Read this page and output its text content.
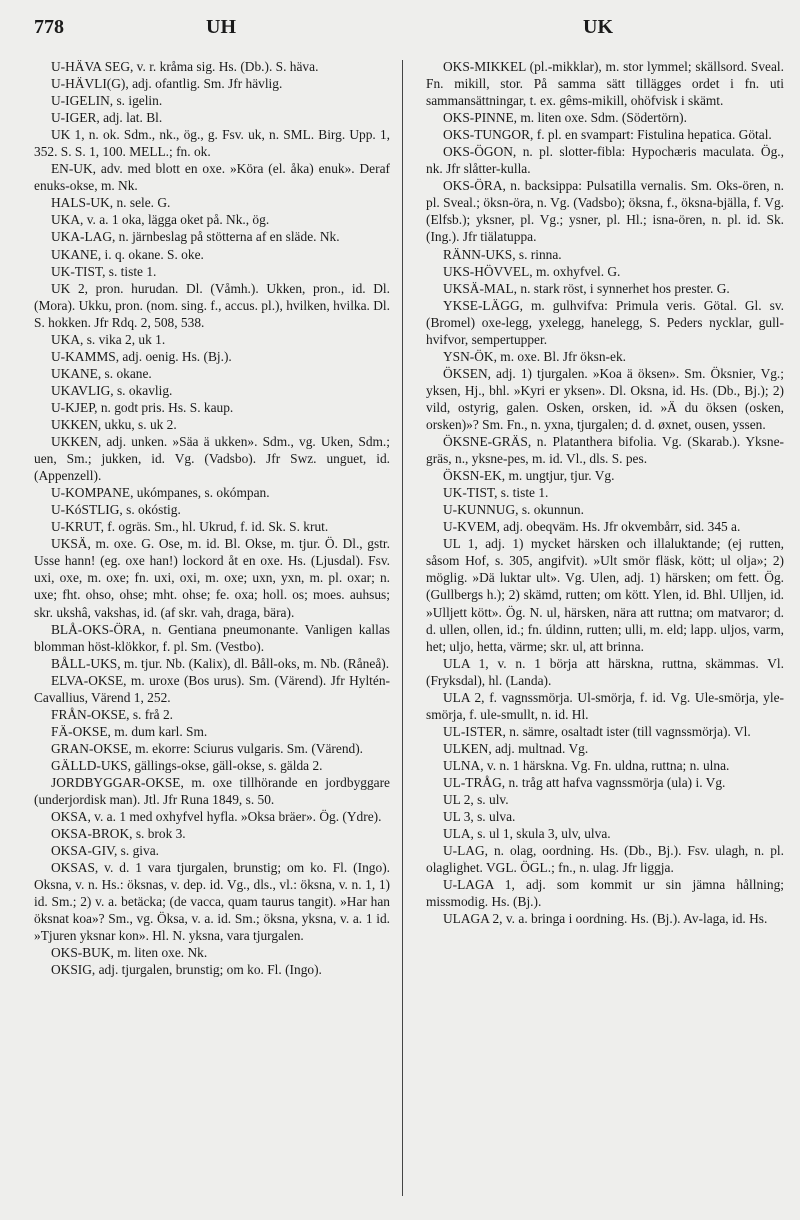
778	UH	UK

U-HÄVA SEG, v. r. kråma sig. Hs. (Db.). S. häva.

U-HÄVLI(G), adj. ofantlig. Sm. Jfr hävlig.

U-IGELIN, s. igelin.

U-IGER, adj. lat. Bl.

UK 1, n. ok. Sdm., nk., ög., g. Fsv. uk, n. SML. Birg. Upp. 1, 352. S. S. 1, 100. MELL.; fn. ok.

EN-UK, adv. med blott en oxe. »Köra (el. åka) enuk». Deraf enuks-okse, m. Nk.

HALS-UK, n. sele. G.

UKA, v. a. 1 oka, lägga oket på. Nk., ög.

UKA-LAG, n. järnbeslag på stötterna af en släde. Nk.

UKANE, i. q. okane. S. oke.

UK-TIST, s. tiste 1.

UK 2, pron. hurudan. Dl. (Våmh.). Ukken, pron., id. Dl. (Mora). Ukku, pron. (nom. sing. f., accus. pl.), hvilken, hvilka. Dl. S. hokken. Jfr Rdq. 2, 508, 538.

UKA, s. vika 2, uk 1.

U-KAMMS, adj. oenig. Hs. (Bj.).

UKANE, s. okane.

UKAVLIG, s. okavlig.

U-KJEP, n. godt pris. Hs. S. kaup.

UKKEN, ukku, s. uk 2.

UKKEN, adj. unken. »Säa ä ukken». Sdm., vg. Uken, Sdm.; uen, Sm.; jukken, id. Vg. (Vadsbo). Jfr Swz. unguet, id. (Appenzell).

U-KOMPANE, ukómpanes, s. okómpan.

U-KóSTLIG, s. okóstig.

U-KRUT, f. ogräs. Sm., hl. Ukrud, f. id. Sk. S. krut.

UKSÄ, m. oxe. G. Ose, m. id. Bl. Okse, m. tjur. Ö. Dl., gstr. Usse hann! (eg. oxe han!) lockord åt en oxe. Hs. (Ljusdal). Fsv. uxi, oxe, m. oxe; fn. uxi, oxi, m. oxe; uxn, yxn, m. pl. oxar; n. uxe; fht. ohso, ohse; mht. ohse; fe. oxa; holl. os; moes. auhsus; skr. ukshâ, vakshas, id. (af skr. vah, draga, bära).

BLÅ-OKS-ÖRA, n. Gentiana pneumonante. Vanligen kallas blomman höst-klökkor, f. pl. Sm. (Vestbo).

BÅLL-UKS, m. tjur. Nb. (Kalix), dl. Båll-oks, m. Nb. (Råneå).

ELVA-OKSE, m. uroxe (Bos urus). Sm. (Värend). Jfr Hyltén-Cavallius, Värend 1, 252.

FRÅN-OKSE, s. frå 2.

FÄ-OKSE, m. dum karl. Sm.

GRAN-OKSE, m. ekorre: Sciurus vulgaris. Sm. (Värend).

GÄLLD-UKS, gällings-okse, gäll-okse, s. gälda 2.

JORDBYGGAR-OKSE, m. oxe tillhörande en jordbyggare (underjordisk man). Jtl. Jfr Runa 1849, s. 50.

OKSA, v. a. 1 med oxhyfvel hyfla. »Oksa bräer». Ög. (Ydre).

OKSA-BROK, s. brok 3.

OKSA-GIV, s. giva.

OKSAS, v. d. 1 vara tjurgalen, brunstig; om ko. Fl. (Ingo). Oksna, v. n. Hs.: öksnas, v. dep. id. Vg., dls., vl.: öksna, v. n. 1, 1) id. Sm.; 2) v. a. betäcka; (de vacca, quam taurus tangit). »Har han öksnat koa»? Sm., vg. Öksa, v. a. id. Sm.; öksna, yksna, v. a. 1 id. »Tjuren yksnar kon». Hl. N. yksna, vara tjurgalen.

OKS-BUK, m. liten oxe. Nk.

OKSIG, adj. tjurgalen, brunstig; om ko. Fl. (Ingo).

OKS-MIKKEL (pl.-mikklar), m. stor lymmel; skällsord. Sveal. Fn. mikill, stor. På samma sätt tillägges ordet i fn. uti sammansättningar, t. ex. gêms-mikill, ohöfvisk i skämt.

OKS-PINNE, m. liten oxe. Sdm. (Södertörn).

OKS-TUNGOR, f. pl. en svampart: Fistulina hepatica. Götal.

OKS-ÖGON, n. pl. slotter-fibla: Hypochæris maculata. Ög., nk. Jfr slåtter-kulla.

OKS-ÖRA, n. backsippa: Pulsatilla vernalis. Sm. Oks-ören, n. pl. Sveal.; öksn-öra, n. Vg. (Vadsbo); öksna, f., öksna-bjälla, f. Vg. (Elfsb.); yksner, pl. Vg.; ysner, pl. Hl.; isna-ören, n. pl. id. Sk. (Ing.). Jfr tiälatuppa.

RÄNN-UKS, s. rinna.

UKS-HÖVVEL, m. oxhyfvel. G.

UKSÄ-MAL, n. stark röst, i synnerhet hos prester. G.

YKSE-LÄGG, m. gulhvifva: Primula veris. Götal. Gl. sv. (Bromel) oxe-legg, yxelegg, hanelegg, S. Peders nycklar, gull-hvifvor, sempertupper.

YSN-ÖK, m. oxe. Bl. Jfr öksn-ek.

ÖKSEN, adj. 1) tjurgalen. »Koa ä öksen». Sm. Öksnier, Vg.; yksen, Hj., bhl. »Kyri er yksen». Dl. Oksna, id. Hs. (Db., Bj.); 2) vild, ostyrig, galen. Osken, orsken, id. »Ä du öksen (osken, orsken)»? Sm. Fn., n. yxna, tjurgalen; d. d. øxnet, ousen, yssen.

ÖKSNE-GRÄS, n. Platanthera bifolia. Vg. (Skarab.). Yksne-gräs, n., yksne-pes, m. id. Vl., dls. S. pes.

ÖKSN-EK, m. ungtjur, tjur. Vg.

UK-TIST, s. tiste 1.

U-KUNNUG, s. okunnun.

U-KVEM, adj. obeqväm. Hs. Jfr okvembårr, sid. 345 a.

UL 1, adj. 1) mycket härsken och illaluktande; (ej rutten, såsom Hof, s. 305, angifvit). »Ult smör fläsk, kött; ul olja»; 2) möglig. »Dä luktar ult». Vg. Ulen, adj. 1) härsken; om fett. Ög. (Gullbergs h.); 2) skämd, rutten; om kött. Ylen, id. Bhl. Ulljen, id. »Ulljett kött». Ög. N. ul, härsken, nära att ruttna; om matvaror; d. d. ullen, ollen, id.; fn. úldinn, rutten; ulli, m. eld; lapp. uljos, varm, het; uljo, hetta, värme; skr. ul, att brinna.

ULA 1, v. n. 1 börja att härskna, ruttna, skämmas. Vl. (Fryksdal), hl. (Landa).

ULA 2, f. vagnssmörja. Ul-smörja, f. id. Vg. Ule-smörja, yle-smörja, f. ule-smullt, n. id. Hl.

UL-ISTER, n. sämre, osaltadt ister (till vagnssmörja). Vl.

ULKEN, adj. multnad. Vg.

ULNA, v. n. 1 härskna. Vg. Fn. uldna, ruttna; n. ulna.

UL-TRÅG, n. tråg att hafva vagnssmörja (ula) i. Vg.

UL 2, s. ulv.

UL 3, s. ulva.

ULA, s. ul 1, skula 3, ulv, ulva.

U-LAG, n. olag, oordning. Hs. (Db., Bj.). Fsv. ulagh, n. pl. olaglighet. VGL. ÖGL.; fn., n. ulag. Jfr liggja.

U-LAGA 1, adj. som kommit ur sin jämna hållning; missmodig. Hs. (Bj.).

ULAGA 2, v. a. bringa i oordning. Hs. (Bj.). Av-laga, id. Hs.
